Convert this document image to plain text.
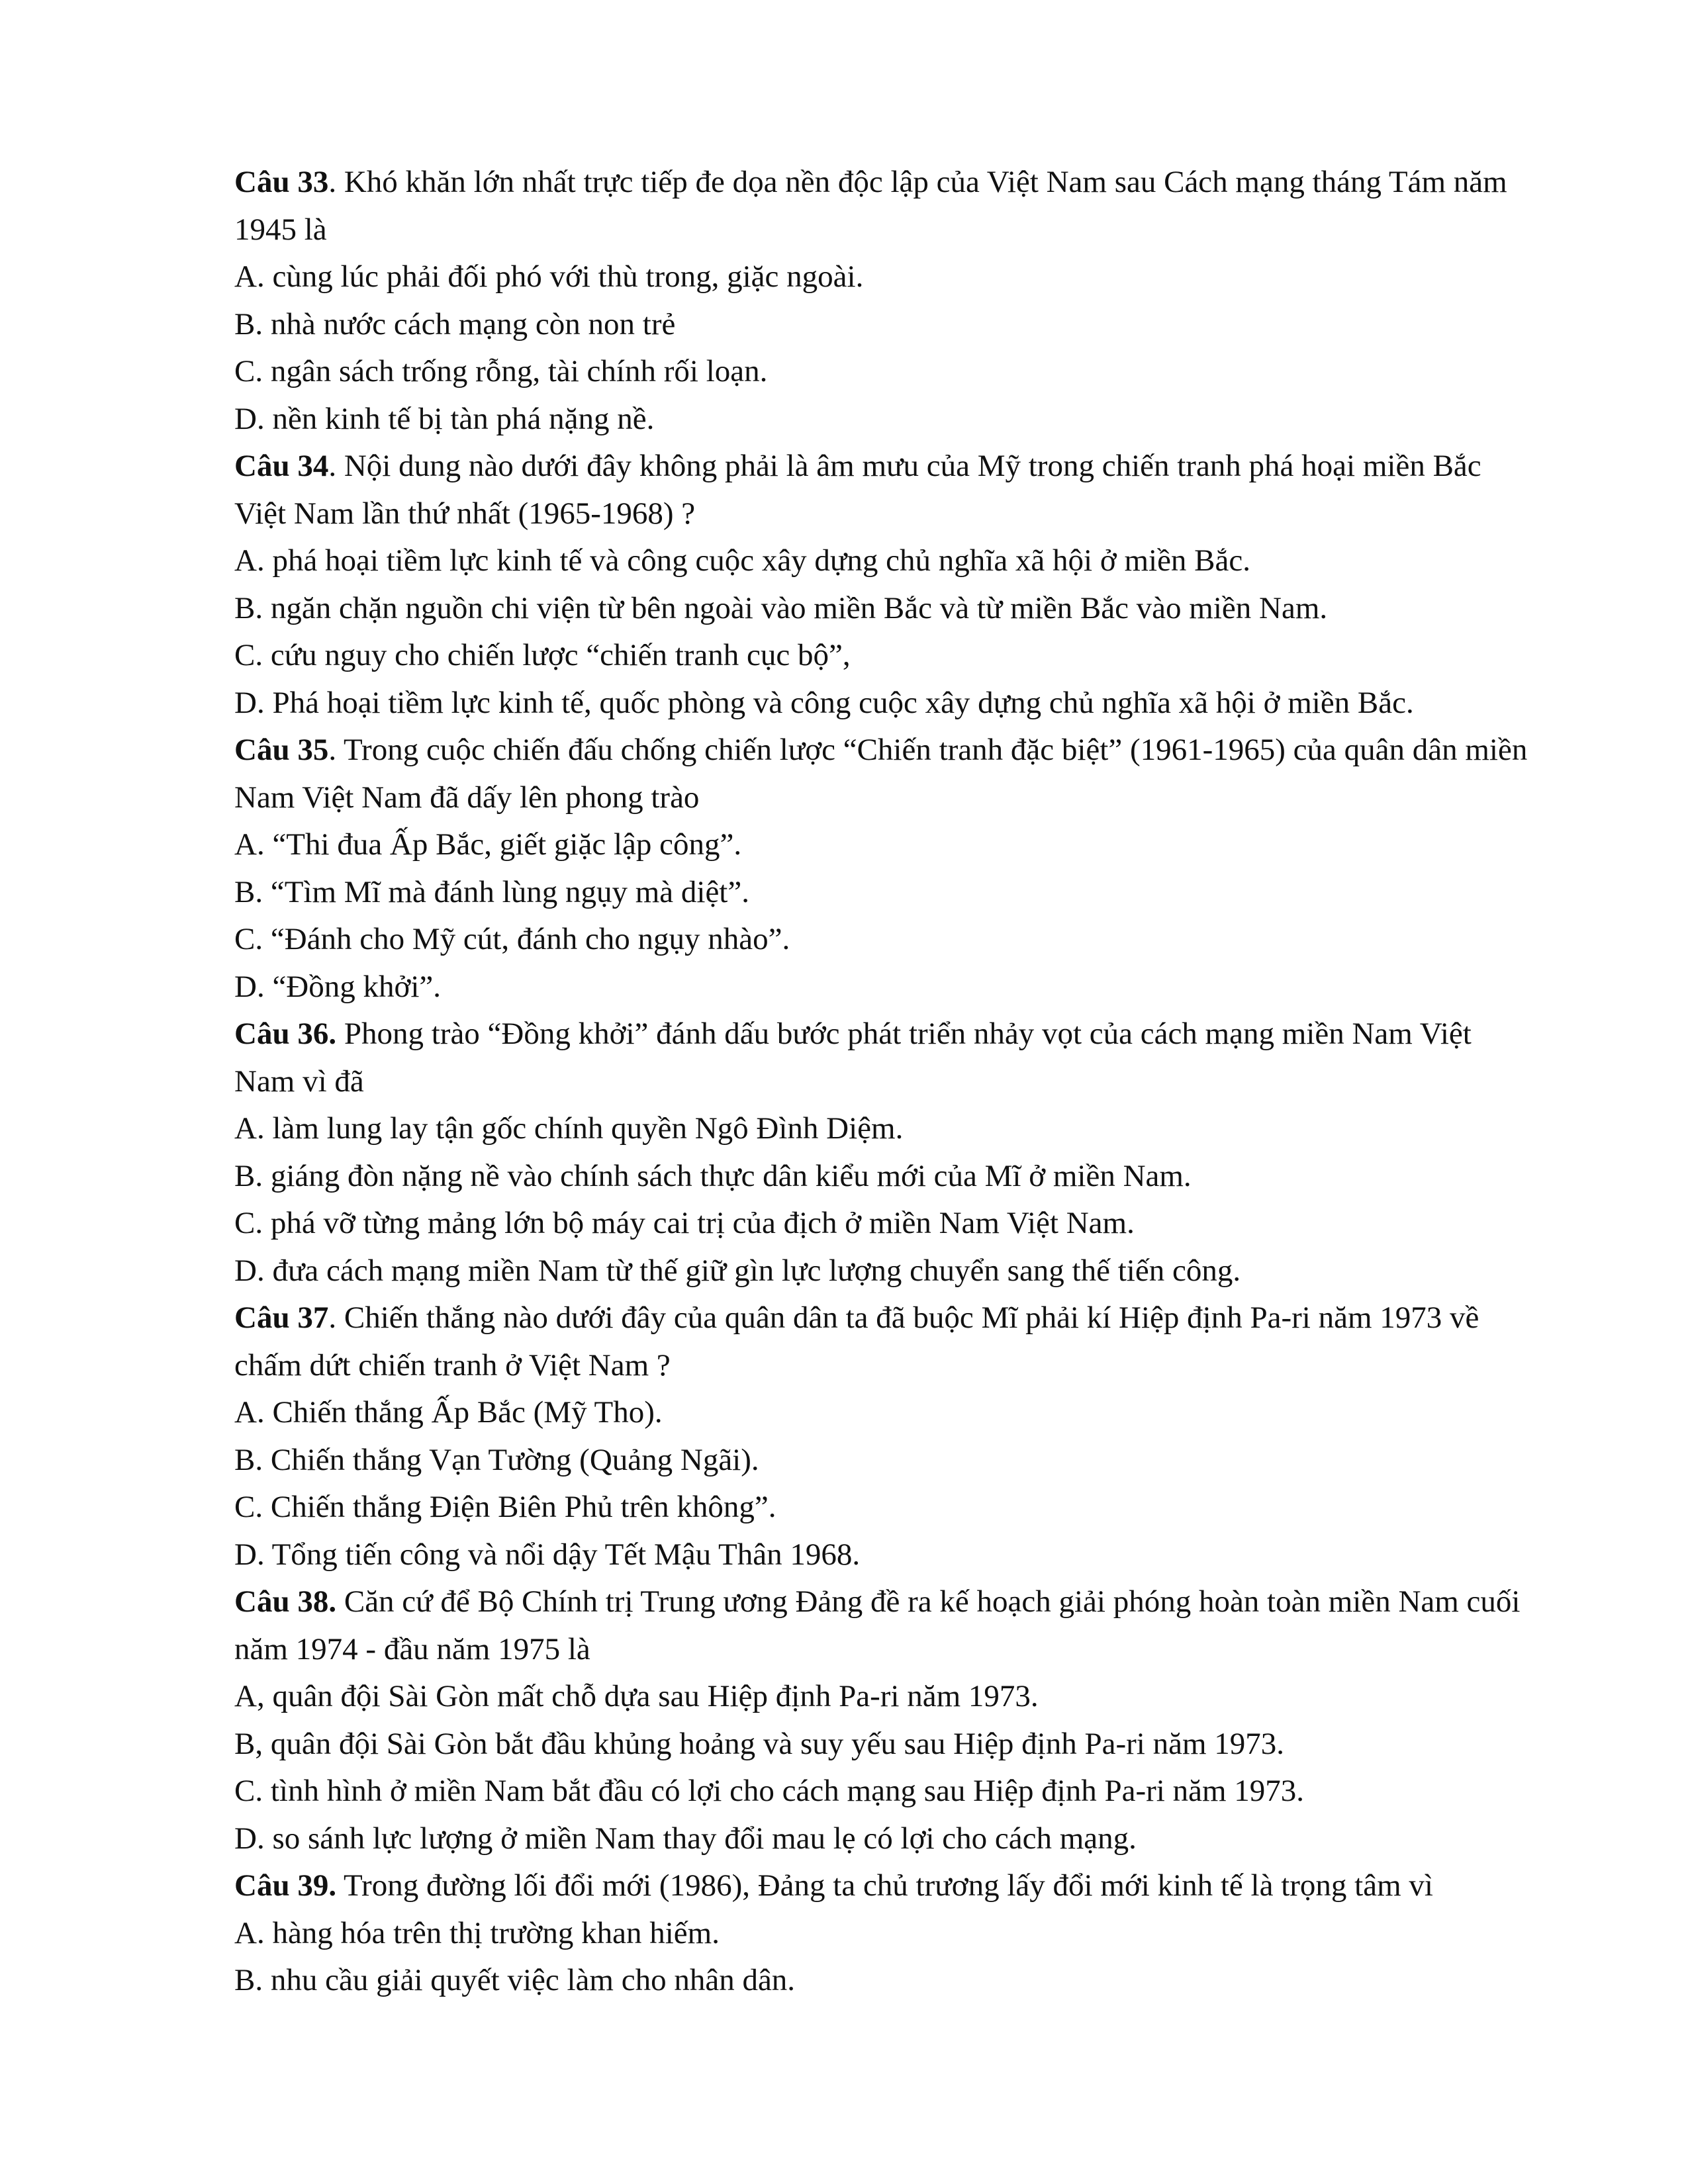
Câu 33. Khó khăn lớn nhất trực tiếp đe dọa nền độc lập của Việt Nam sau Cách mạng tháng Tám năm 1945 là

A. cùng lúc phải đối phó với thù trong, giặc ngoài.

B. nhà nước cách mạng còn non trẻ

C. ngân sách trống rỗng, tài chính rối loạn.

D. nền kinh tế bị tàn phá nặng nề.

Câu 34. Nội dung nào dưới đây không phải là âm mưu của Mỹ trong chiến tranh phá hoại miền Bắc Việt Nam lần thứ nhất (1965-1968) ?

A. phá hoại tiềm lực kinh tế và công cuộc xây dựng chủ nghĩa xã hội ở miền Bắc.

B. ngăn chặn nguồn chi viện từ bên ngoài vào miền Bắc và từ miền Bắc vào miền Nam.

C. cứu nguy cho chiến lược “chiến tranh cục bộ”,

D. Phá hoại tiềm lực kinh tế, quốc phòng và công cuộc xây dựng chủ nghĩa xã hội ở miền Bắc.

Câu 35. Trong cuộc chiến đấu chống chiến lược “Chiến tranh đặc biệt” (1961-1965) của quân dân miền Nam Việt Nam đã dấy lên phong trào

A. “Thi đua Ấp Bắc, giết giặc lập công”.

B. “Tìm Mĩ mà đánh lùng ngụy mà diệt”.

C. “Đánh cho Mỹ cút, đánh cho ngụy nhào”.

D. “Đồng khởi”.

Câu 36. Phong trào “Đồng khởi” đánh dấu bước phát triển nhảy vọt của cách mạng miền Nam Việt Nam vì đã

A. làm lung lay tận gốc chính quyền Ngô Đình Diệm.

B. giáng đòn nặng nề vào chính sách thực dân kiểu mới của Mĩ ở miền Nam.

C. phá vỡ từng mảng lớn bộ máy cai trị của địch ở miền Nam Việt Nam.

D. đưa cách mạng miền Nam từ thế giữ gìn lực lượng chuyển sang thế tiến công.

Câu 37. Chiến thắng nào dưới đây của quân dân ta đã buộc Mĩ phải kí Hiệp định Pa-ri năm 1973 về chấm dứt chiến tranh ở Việt Nam ?

A. Chiến thắng Ấp Bắc (Mỹ Tho).

B. Chiến thắng Vạn Tường (Quảng Ngãi).

C. Chiến thắng Điện Biên Phủ trên không”.

D. Tổng tiến công và nổi dậy Tết Mậu Thân 1968.

Câu 38. Căn cứ để Bộ Chính trị Trung ương Đảng đề ra kế hoạch giải phóng hoàn toàn miền Nam cuối năm 1974 - đầu năm 1975 là

A, quân đội Sài Gòn mất chỗ dựa sau Hiệp định Pa-ri năm 1973.

B, quân đội Sài Gòn bắt đầu khủng hoảng và suy yếu sau Hiệp định Pa-ri năm 1973.

C. tình hình ở miền Nam bắt đầu có lợi cho cách mạng sau Hiệp định Pa-ri năm 1973.

D. so sánh lực lượng ở miền Nam thay đổi mau lẹ có lợi cho cách mạng.

Câu 39. Trong đường lối đổi mới (1986), Đảng ta chủ trương lấy đổi mới kinh tế là trọng tâm vì

A. hàng hóa trên thị trường khan hiếm.

B. nhu cầu giải quyết việc làm cho nhân dân.
